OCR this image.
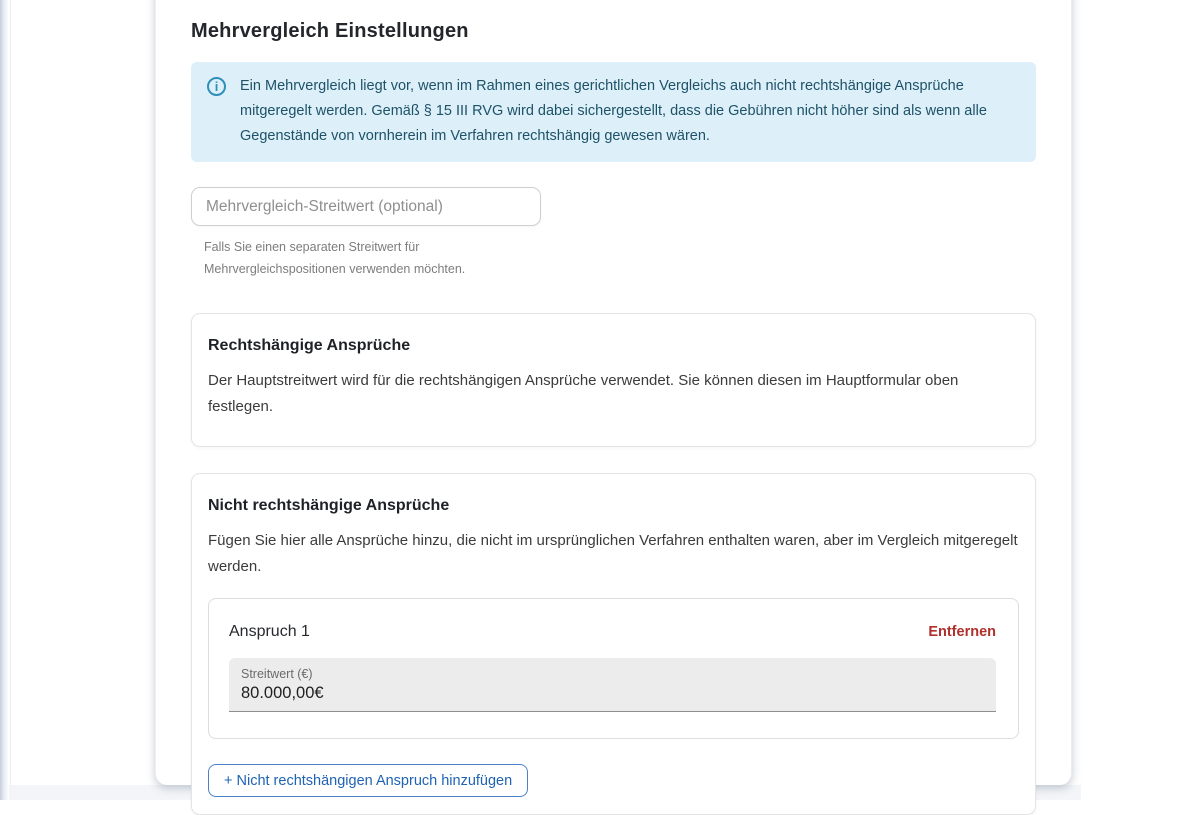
Mehrvergleich Einstellungen
i	Ein Mehrvergleich liegt vor, wenn im Rahmen eines gerichtlichen Vergleichs auch nicht rechtshängige Ansprüche mitgeregelt werden. Gemäß § 15 III RVG wird dabei sichergestellt, dass die Gebühren nicht höher sind als wenn alle Gegenstände von vornherein im Verfahren rechtshängig gewesen wären.

Mehrvergleich-Streitwert (optional)

Falls Sie einen separaten Streitwert für Mehrvergleichspositionen verwenden möchten.

Rechtshängige Ansprüche

Der Hauptstreitwert wird für die rechtshängigen Ansprüche verwendet. Sie können diesen im Hauptformular oben festlegen.

Nicht rechtshängige Ansprüche

Fügen Sie hier alle Ansprüche hinzu, die nicht im ursprünglichen Verfahren enthalten waren, aber im Vergleich mitgeregelt werden.

Anspruch 1	Entfernen
Streitwert (€)
80.000,00€
+ Nicht rechtshängigen Anspruch hinzufügen
